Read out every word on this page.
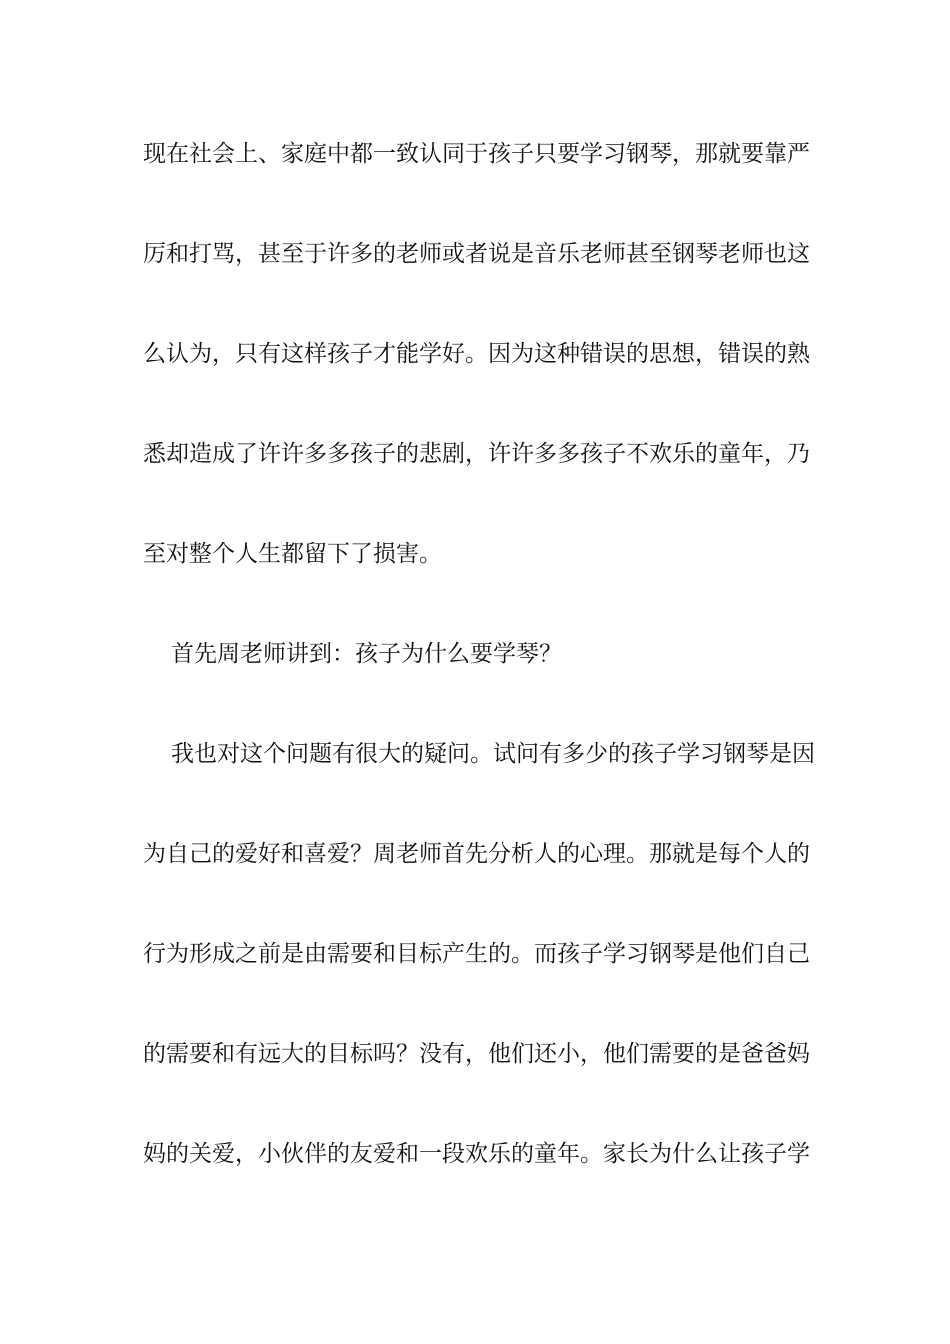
现在社会上、家庭中都一致认同于孩子只要学习钢琴，那就要靠严
厉和打骂，甚至于许多的老师或者说是音乐老师甚至钢琴老师也这
么认为，只有这样孩子才能学好。因为这种错误的思想，错误的熟
悉却造成了许许多多孩子的悲剧，许许多多孩子不欢乐的童年，乃
至对整个人生都留下了损害。
首先周老师讲到：孩子为什么要学琴？
我也对这个问题有很大的疑问。试问有多少的孩子学习钢琴是因
为自己的爱好和喜爱？周老师首先分析人的心理。那就是每个人的
行为形成之前是由需要和目标产生的。而孩子学习钢琴是他们自己
的需要和有远大的目标吗？没有，他们还小，他们需要的是爸爸妈
妈的关爱，小伙伴的友爱和一段欢乐的童年。家长为什么让孩子学
